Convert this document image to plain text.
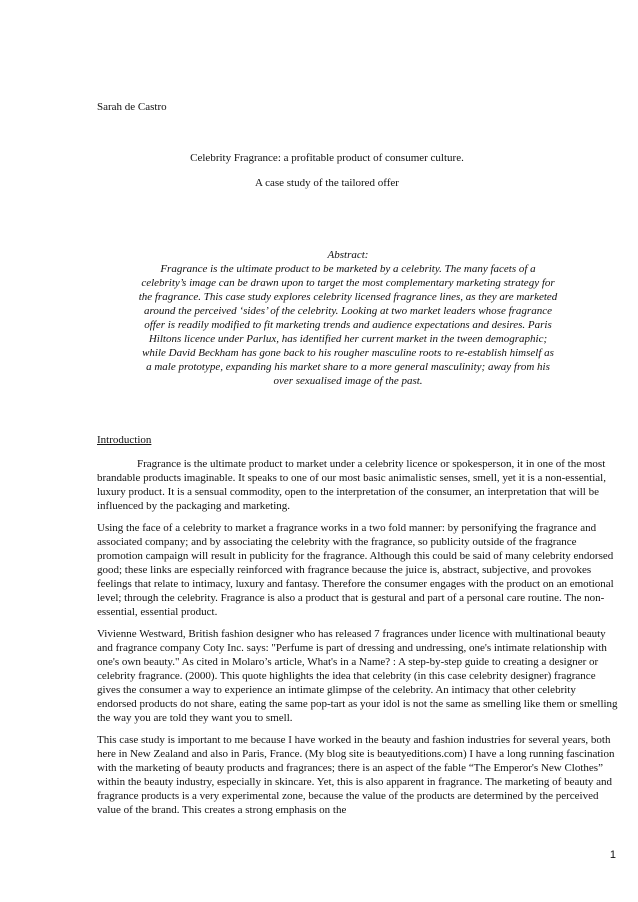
Sarah de Castro
Celebrity Fragrance: a profitable product of consumer culture.
A case study of the tailored offer

Abstract:

Fragrance is the ultimate product to be marketed by a celebrity. The many facets of a celebrity’s image can be drawn upon to target the most complementary marketing strategy for the fragrance. This case study explores celebrity licensed fragrance lines, as they are marketed around the perceived ‘sides’ of the celebrity. Looking at two market leaders whose fragrance offer is readily modified to fit marketing trends and audience expectations and desires. Paris Hiltons licence under Parlux, has identified her current market in the tween demographic; while David Beckham has gone back to his rougher masculine roots to re-establish himself as a male prototype, expanding his market share to a more general masculinity; away from his over sexualised image of the past.

Introduction

Fragrance is the ultimate product to market under a celebrity licence or spokesperson, it in one of the most brandable products imaginable. It speaks to one of our most basic animalistic senses, smell, yet it is a non-essential, luxury product. It is a sensual commodity, open to the interpretation of the consumer, an interpretation that will be influenced by the packaging and marketing.

Using the face of a celebrity to market a fragrance works in a two fold manner: by personifying the fragrance and associated company; and by associating the celebrity with the fragrance, so publicity outside of the fragrance promotion campaign will result in publicity for the fragrance. Although this could be said of many celebrity endorsed good; these links are especially reinforced with fragrance because the juice is, abstract, subjective, and provokes feelings that relate to intimacy, luxury and fantasy. Therefore the consumer engages with the product on an emotional level; through the celebrity. Fragrance is also a product that is gestural and part of a personal care routine. The non-essential, essential product.

Vivienne Westward, British fashion designer who has released 7 fragrances under licence with multinational beauty and fragrance company Coty Inc. says: "Perfume is part of dressing and undressing, one's intimate relationship with one's own beauty." As cited in Molaro’s article, What's in a Name? : A step-by-step guide to creating a designer or celebrity fragrance. (2000). This quote highlights the idea that celebrity (in this case celebrity designer) fragrance gives the consumer a way to experience an intimate glimpse of the celebrity. An intimacy that other celebrity endorsed products do not share, eating the same pop-tart as your idol is not the same as smelling like them or smelling the way you are told they want you to smell.

This case study is important to me because I have worked in the beauty and fashion industries for several years, both here in New Zealand and also in Paris, France. (My blog site is beautyeditions.com) I have a long running fascination with the marketing of beauty products and fragrances; there is an aspect of the fable “The Emperor's New Clothes” within the beauty industry, especially in skincare. Yet, this is also apparent in fragrance. The marketing of beauty and fragrance products is a very experimental zone, because the value of the products are determined by the perceived value of the brand. This creates a strong emphasis on the

1
